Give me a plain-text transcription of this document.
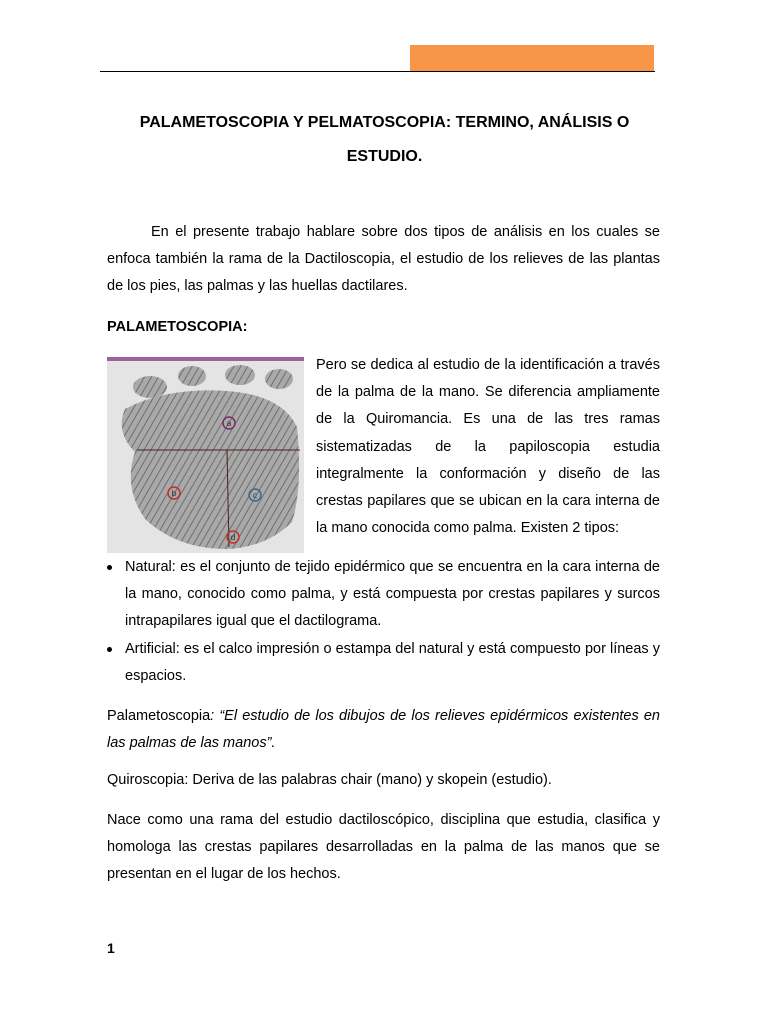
PALAMETOSCOPIA Y PELMATOSCOPIA: TERMINO, ANÁLISIS O
ESTUDIO.

En el presente trabajo hablare sobre dos tipos de análisis en los cuales se enfoca también la rama de la Dactiloscopia, el estudio de los relieves de las plantas de los pies, las palmas y las huellas dactilares.

PALAMETOSCOPIA:

a
b	c
d

Pero se dedica al estudio de la identificación a través de la palma de la mano. Se diferencia ampliamente de la Quiromancia. Es una de las tres ramas sistematizadas de la papiloscopia estudia integralmente la conformación y diseño de las crestas papilares que se ubican en la cara interna de la mano conocida como palma. Existen 2 tipos:

Natural: es el conjunto de tejido epidérmico que se encuentra en la cara interna de la mano, conocido como palma, y está compuesta por crestas papilares y surcos intrapapilares igual que el dactilograma.
Artificial: es el calco impresión o estampa del natural y está compuesto por líneas y espacios.

Palametoscopia: “El estudio de los dibujos de los relieves epidérmicos existentes en las palmas de las manos”.

Quiroscopia: Deriva de las palabras chair (mano) y skopein (estudio).

Nace como una rama del estudio dactiloscópico, disciplina que estudia, clasifica y homologa las crestas papilares desarrolladas en la palma de las manos que se presentan en el lugar de los hechos.

1
